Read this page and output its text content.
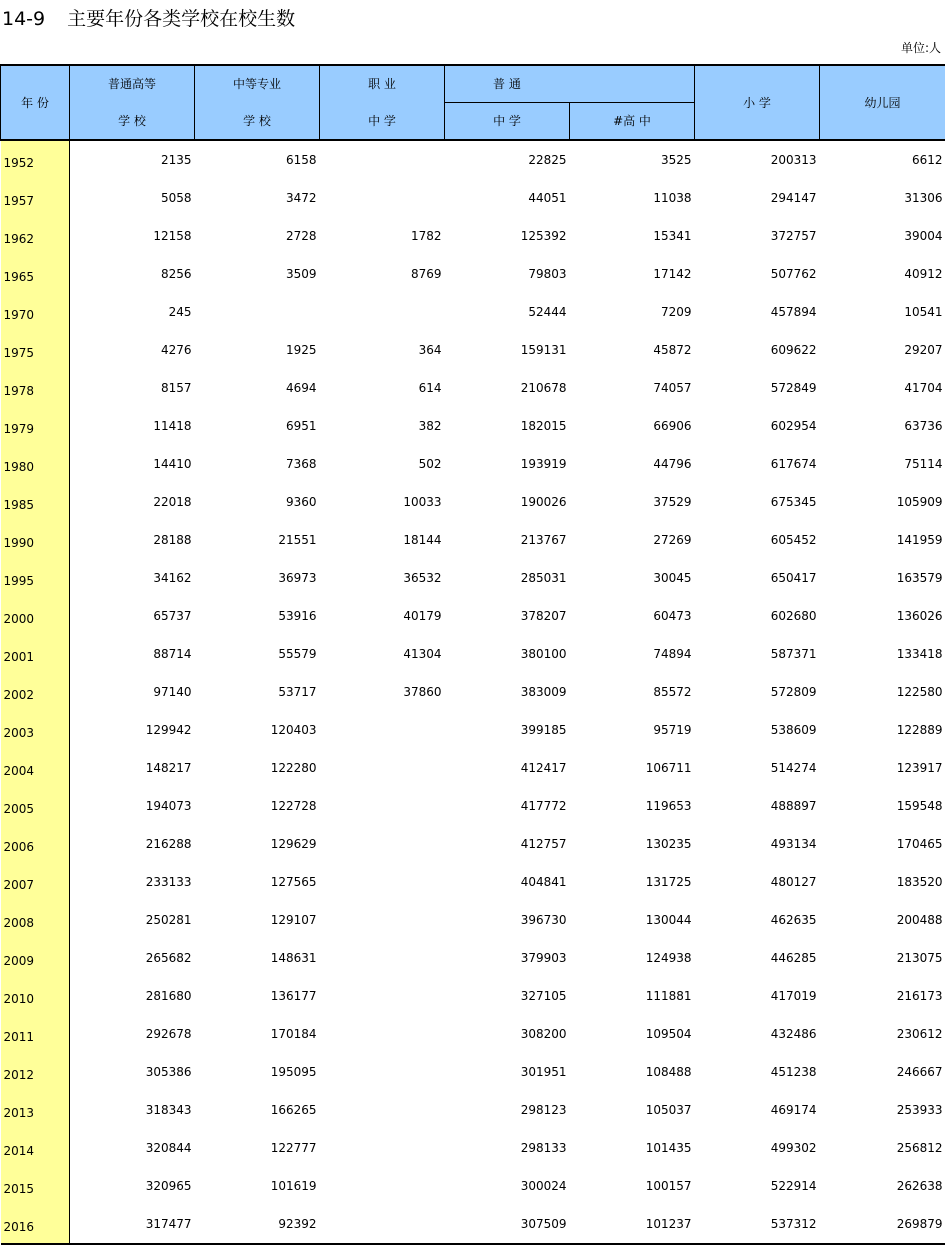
14-9 主要年份各类学校在校生数
单位:人
年 份	普通高等	中等专业	职 业	普 通		小 学	幼儿园
	学 校	学 校	中 学	中 学	#高 中		
1952	2135	6158		22825	3525	200313	6612
1957	5058	3472		44051	11038	294147	31306
1962	12158	2728	1782	125392	15341	372757	39004
1965	8256	3509	8769	79803	17142	507762	40912
1970	245			52444	7209	457894	10541
1975	4276	1925	364	159131	45872	609622	29207
1978	8157	4694	614	210678	74057	572849	41704
1979	11418	6951	382	182015	66906	602954	63736
1980	14410	7368	502	193919	44796	617674	75114
1985	22018	9360	10033	190026	37529	675345	105909
1990	28188	21551	18144	213767	27269	605452	141959
1995	34162	36973	36532	285031	30045	650417	163579
2000	65737	53916	40179	378207	60473	602680	136026
2001	88714	55579	41304	380100	74894	587371	133418
2002	97140	53717	37860	383009	85572	572809	122580
2003	129942	120403		399185	95719	538609	122889
2004	148217	122280		412417	106711	514274	123917
2005	194073	122728		417772	119653	488897	159548
2006	216288	129629		412757	130235	493134	170465
2007	233133	127565		404841	131725	480127	183520
2008	250281	129107		396730	130044	462635	200488
2009	265682	148631		379903	124938	446285	213075
2010	281680	136177		327105	111881	417019	216173
2011	292678	170184		308200	109504	432486	230612
2012	305386	195095		301951	108488	451238	246667
2013	318343	166265		298123	105037	469174	253933
2014	320844	122777		298133	101435	499302	256812
2015	320965	101619		300024	100157	522914	262638
2016	317477	92392		307509	101237	537312	269879
